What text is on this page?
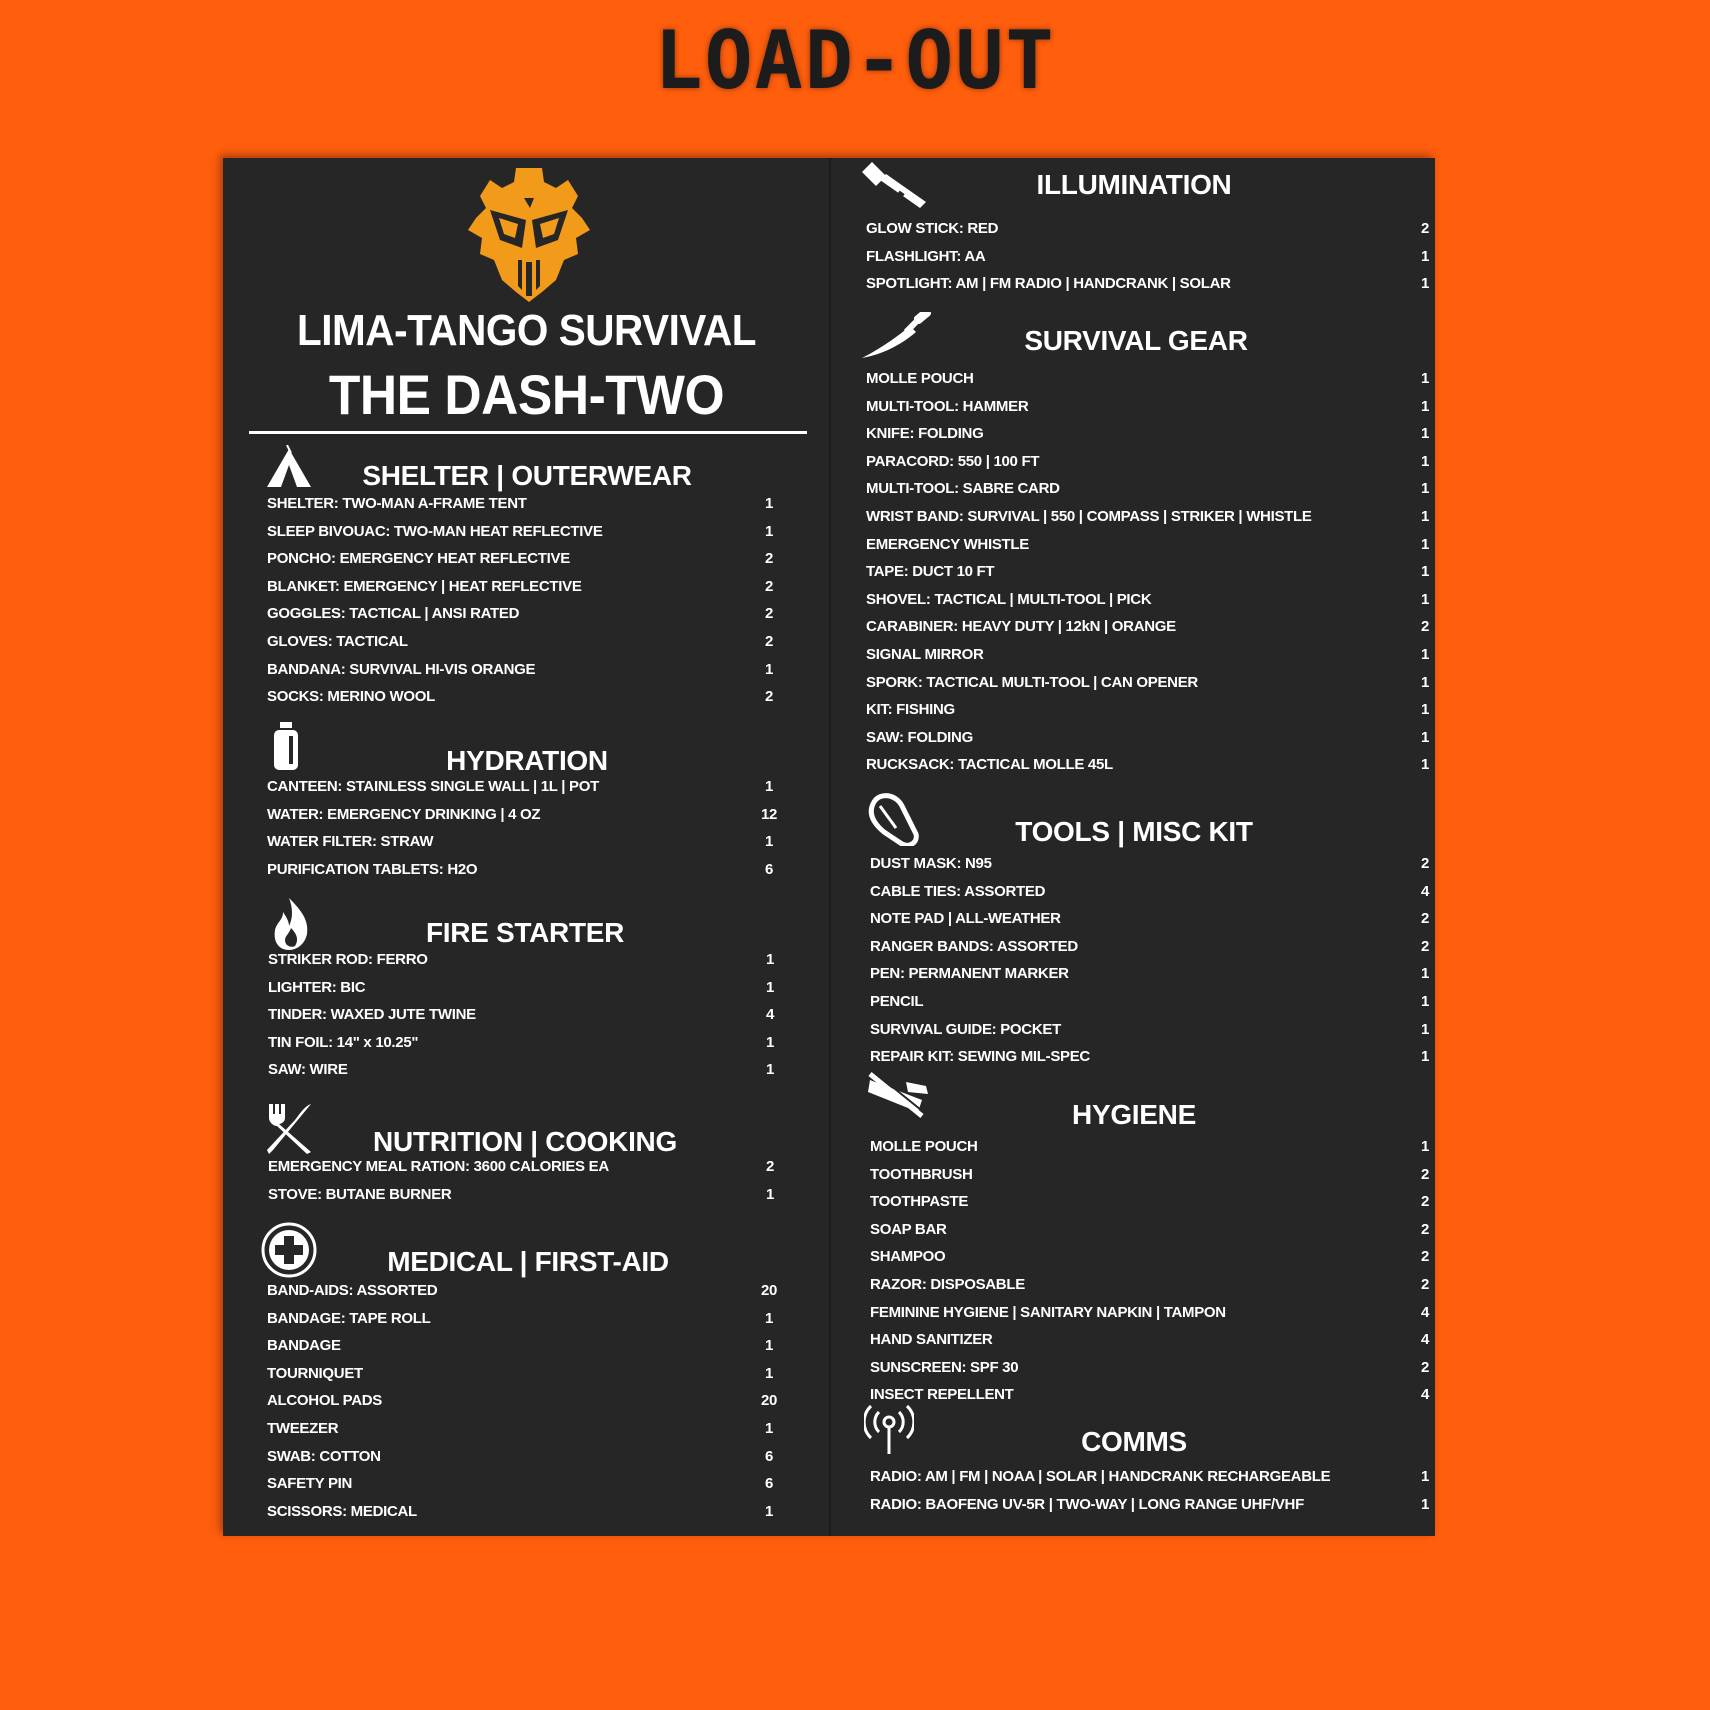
LOAD-OUT
LIMA-TANGO SURVIVAL
THE DASH-TWO
SHELTER | OUTERWEAR
SHELTER: TWO-MAN A-FRAME TENT	1
SLEEP BIVOUAC: TWO-MAN HEAT REFLECTIVE	1
PONCHO: EMERGENCY HEAT REFLECTIVE	2
BLANKET: EMERGENCY | HEAT REFLECTIVE	2
GOGGLES: TACTICAL | ANSI RATED	2
GLOVES: TACTICAL	2
BANDANA: SURVIVAL HI-VIS ORANGE	1
SOCKS: MERINO WOOL	2
HYDRATION
CANTEEN: STAINLESS SINGLE WALL | 1L | POT	1
WATER: EMERGENCY DRINKING | 4 OZ	12
WATER FILTER: STRAW	1
PURIFICATION TABLETS: H2O	6
FIRE STARTER
STRIKER ROD: FERRO	1
LIGHTER: BIC	1
TINDER: WAXED JUTE TWINE	4
TIN FOIL: 14" x 10.25"	1
SAW: WIRE	1
NUTRITION | COOKING
EMERGENCY MEAL RATION: 3600 CALORIES EA	2
STOVE: BUTANE BURNER	1
MEDICAL | FIRST-AID
BAND-AIDS: ASSORTED	20
BANDAGE: TAPE ROLL	1
BANDAGE	1
TOURNIQUET	1
ALCOHOL PADS	20
TWEEZER	1
SWAB: COTTON	6
SAFETY PIN	6
SCISSORS: MEDICAL	1
ILLUMINATION
GLOW STICK: RED	2
FLASHLIGHT: AA	1
SPOTLIGHT: AM | FM RADIO | HANDCRANK | SOLAR	1
SURVIVAL GEAR
MOLLE POUCH	1
MULTI-TOOL: HAMMER	1
KNIFE: FOLDING	1
PARACORD: 550 | 100 FT	1
MULTI-TOOL: SABRE CARD	1
WRIST BAND: SURVIVAL | 550 | COMPASS | STRIKER | WHISTLE	1
EMERGENCY WHISTLE	1
TAPE: DUCT 10 FT	1
SHOVEL: TACTICAL | MULTI-TOOL | PICK	1
CARABINER: HEAVY DUTY | 12kN | ORANGE	2
SIGNAL MIRROR	1
SPORK: TACTICAL MULTI-TOOL | CAN OPENER	1
KIT: FISHING	1
SAW: FOLDING	1
RUCKSACK: TACTICAL MOLLE 45L	1
TOOLS | MISC KIT
DUST MASK: N95	2
CABLE TIES: ASSORTED	4
NOTE PAD | ALL-WEATHER	2
RANGER BANDS: ASSORTED	2
PEN: PERMANENT MARKER	1
PENCIL	1
SURVIVAL GUIDE: POCKET	1
REPAIR KIT: SEWING MIL-SPEC	1
HYGIENE
MOLLE POUCH	1
TOOTHBRUSH	2
TOOTHPASTE	2
SOAP BAR	2
SHAMPOO	2
RAZOR: DISPOSABLE	2
FEMININE HYGIENE | SANITARY NAPKIN | TAMPON	4
HAND SANITIZER	4
SUNSCREEN: SPF 30	2
INSECT REPELLENT	4
COMMS
RADIO: AM | FM | NOAA | SOLAR | HANDCRANK RECHARGEABLE	1
RADIO: BAOFENG UV-5R | TWO-WAY | LONG RANGE UHF/VHF	1
